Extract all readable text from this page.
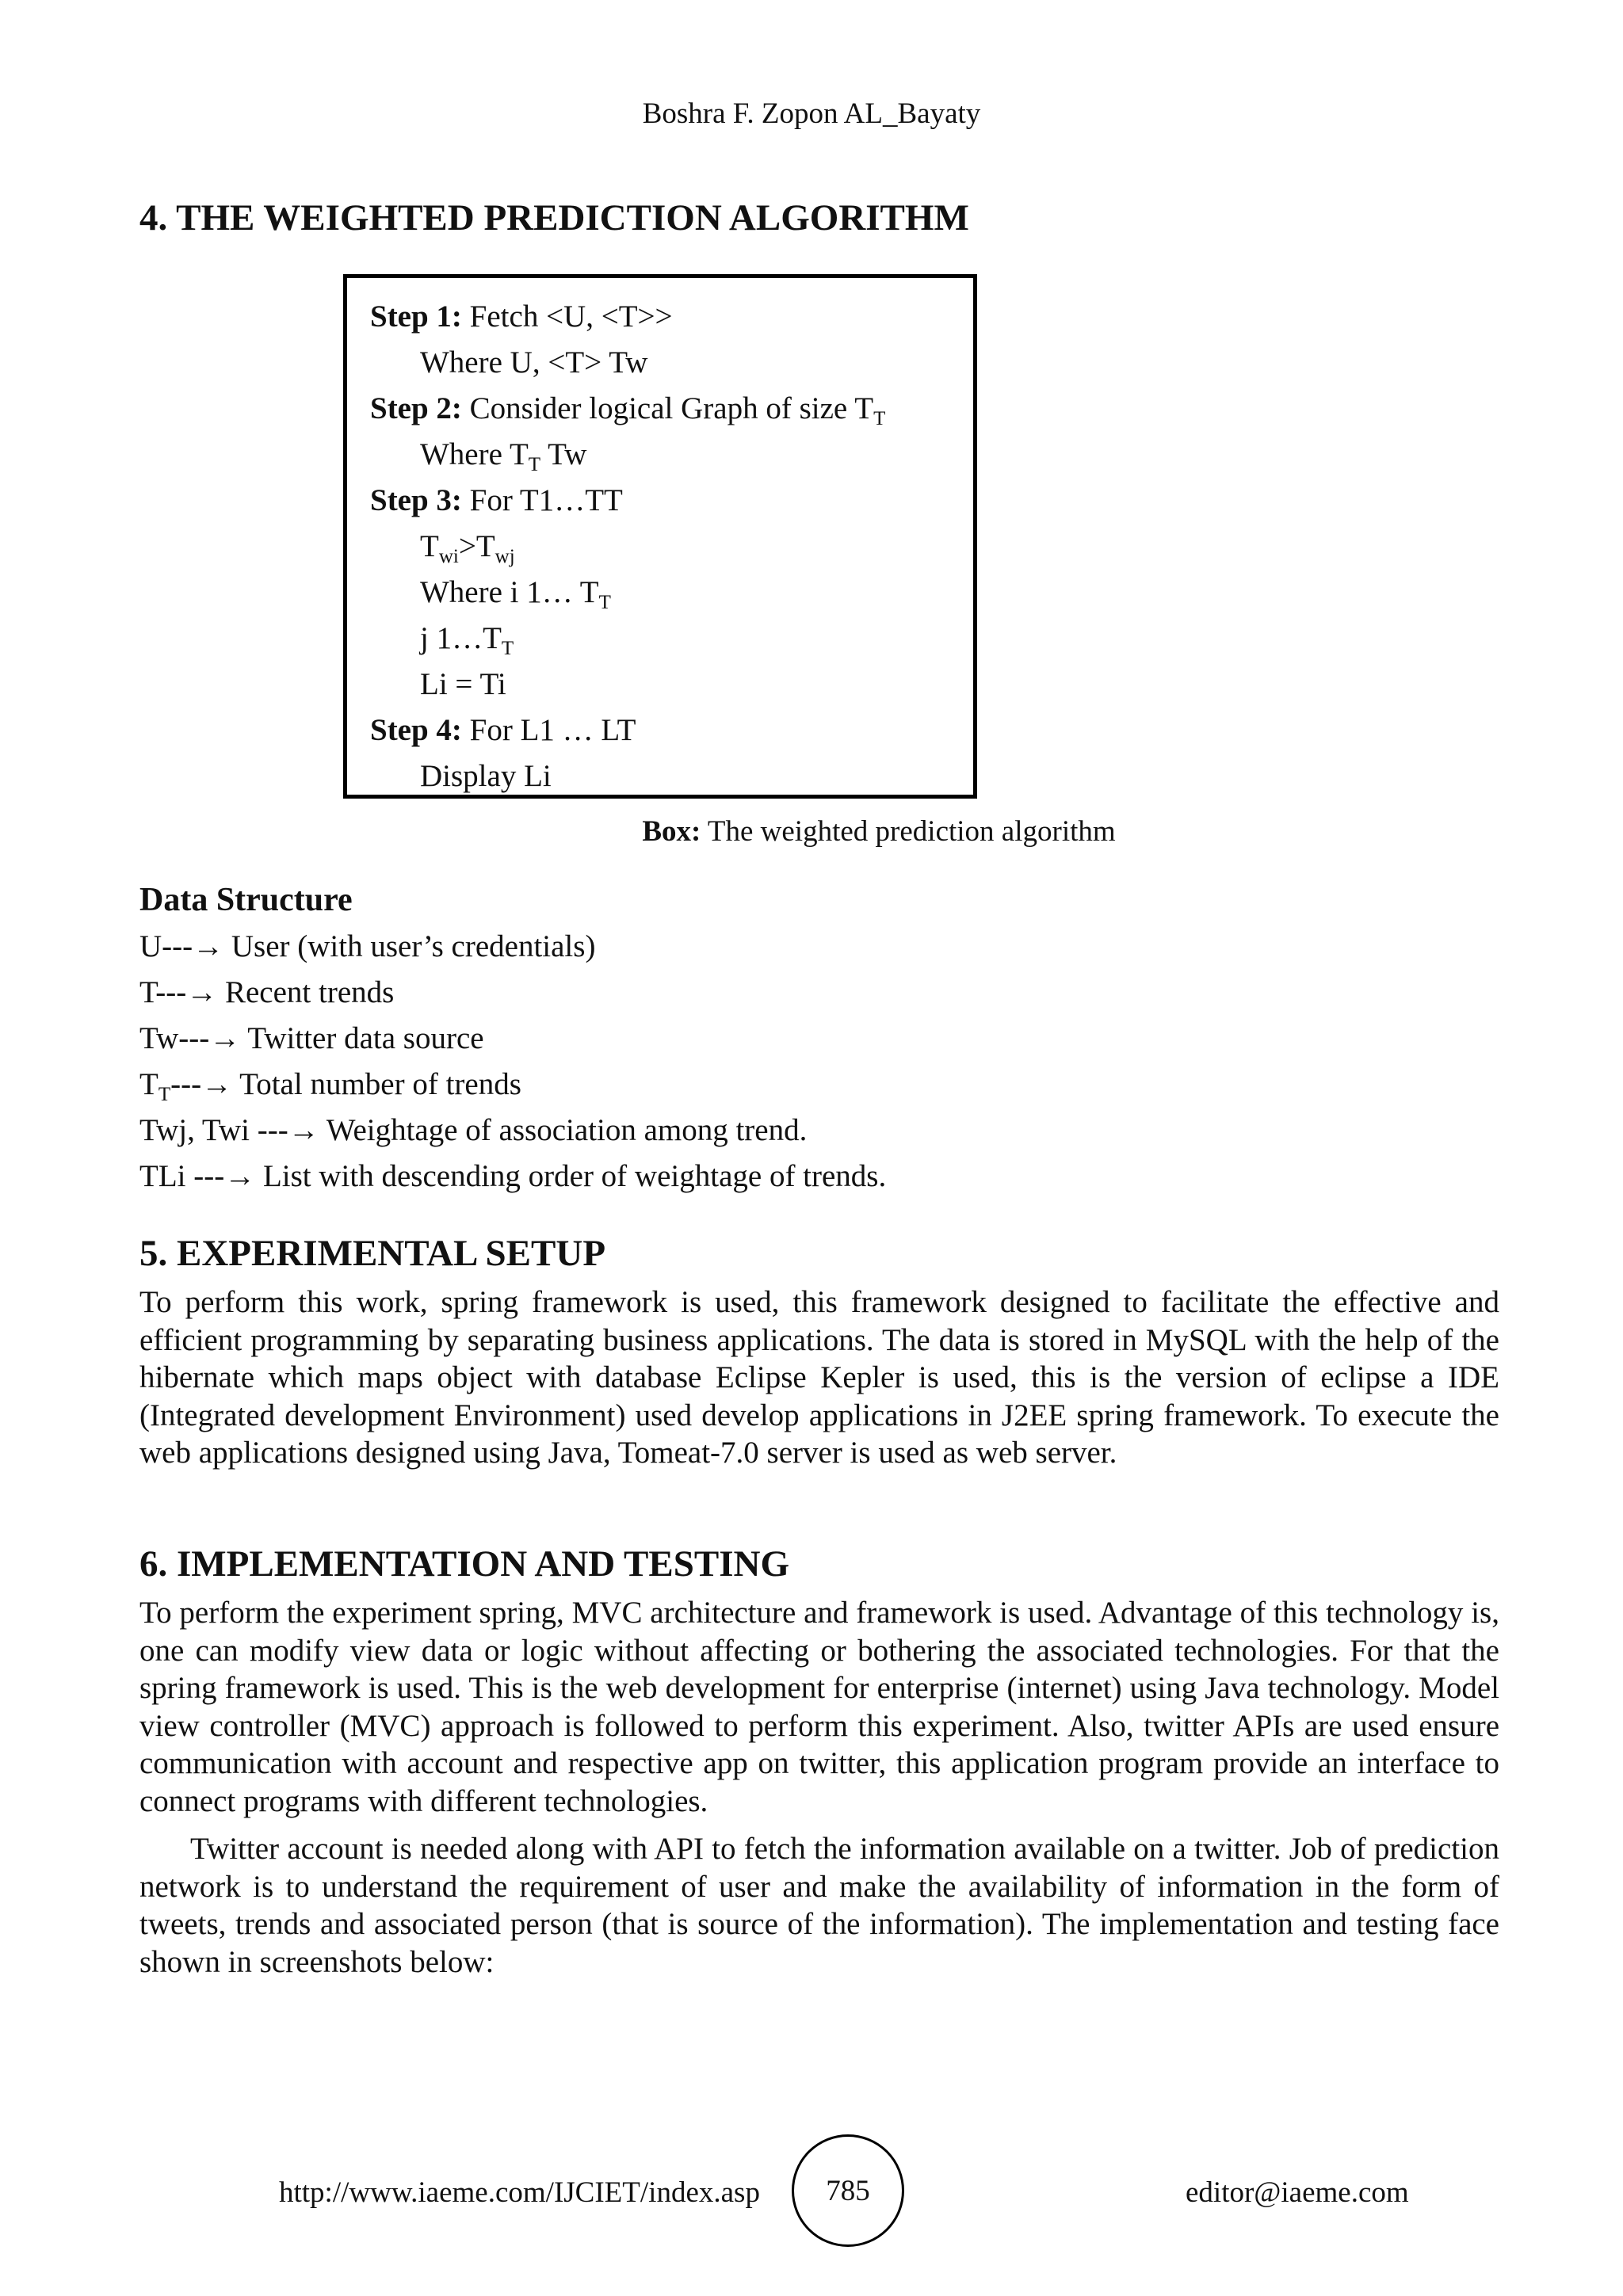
Boshra F. Zopon AL_Bayaty
4. THE WEIGHTED PREDICTION ALGORITHM
Step 1: Fetch <U, <T>>
Where U, <T> Tw
Step 2: Consider logical Graph of size $T_T$
Where $T_T$ Tw
Step 3: For T1…TT
$T_{wi}>T_{wj}$
Where i 1… $T_T$
j $1\dots T_T$
Li = Ti
Step 4: For L1 … LT
Display Li
Box: The weighted prediction algorithm
Data Structure
U---→ User (with user’s credentials)
T---→ Recent trends
Tw---→ Twitter data source
$T_T---\to$ Total number of trends
Twj, Twi ---→ Weightage of association among trend.
TLi ---→ List with descending order of weightage of trends.
5. EXPERIMENTAL SETUP

To perform this work, spring framework is used, this framework designed to facilitate the effective and efficient programming by separating business applications. The data is stored in MySQL with the help of the hibernate which maps object with database Eclipse Kepler is used, this is the version of eclipse a IDE (Integrated development Environment) used develop applications in J2EE spring framework. To execute the web applications designed using Java, Tomeat-7.0 server is used as web server.

6. IMPLEMENTATION AND TESTING

To perform the experiment spring, MVC architecture and framework is used. Advantage of this technology is, one can modify view data or logic without affecting or bothering the associated technologies. For that the spring framework is used. This is the web development for enterprise (internet) using Java technology. Model view controller (MVC) approach is followed to perform this experiment. Also, twitter APIs are used ensure communication with account and respective app on twitter, this application program provide an interface to connect programs with different technologies.

Twitter account is needed along with API to fetch the information available on a twitter. Job of prediction network is to understand the requirement of user and make the availability of information in the form of tweets, trends and associated person (that is source of the information). The implementation and testing face shown in screenshots below:

http://www.iaeme.com/IJCIET/index.asp	785	editor@iaeme.com
